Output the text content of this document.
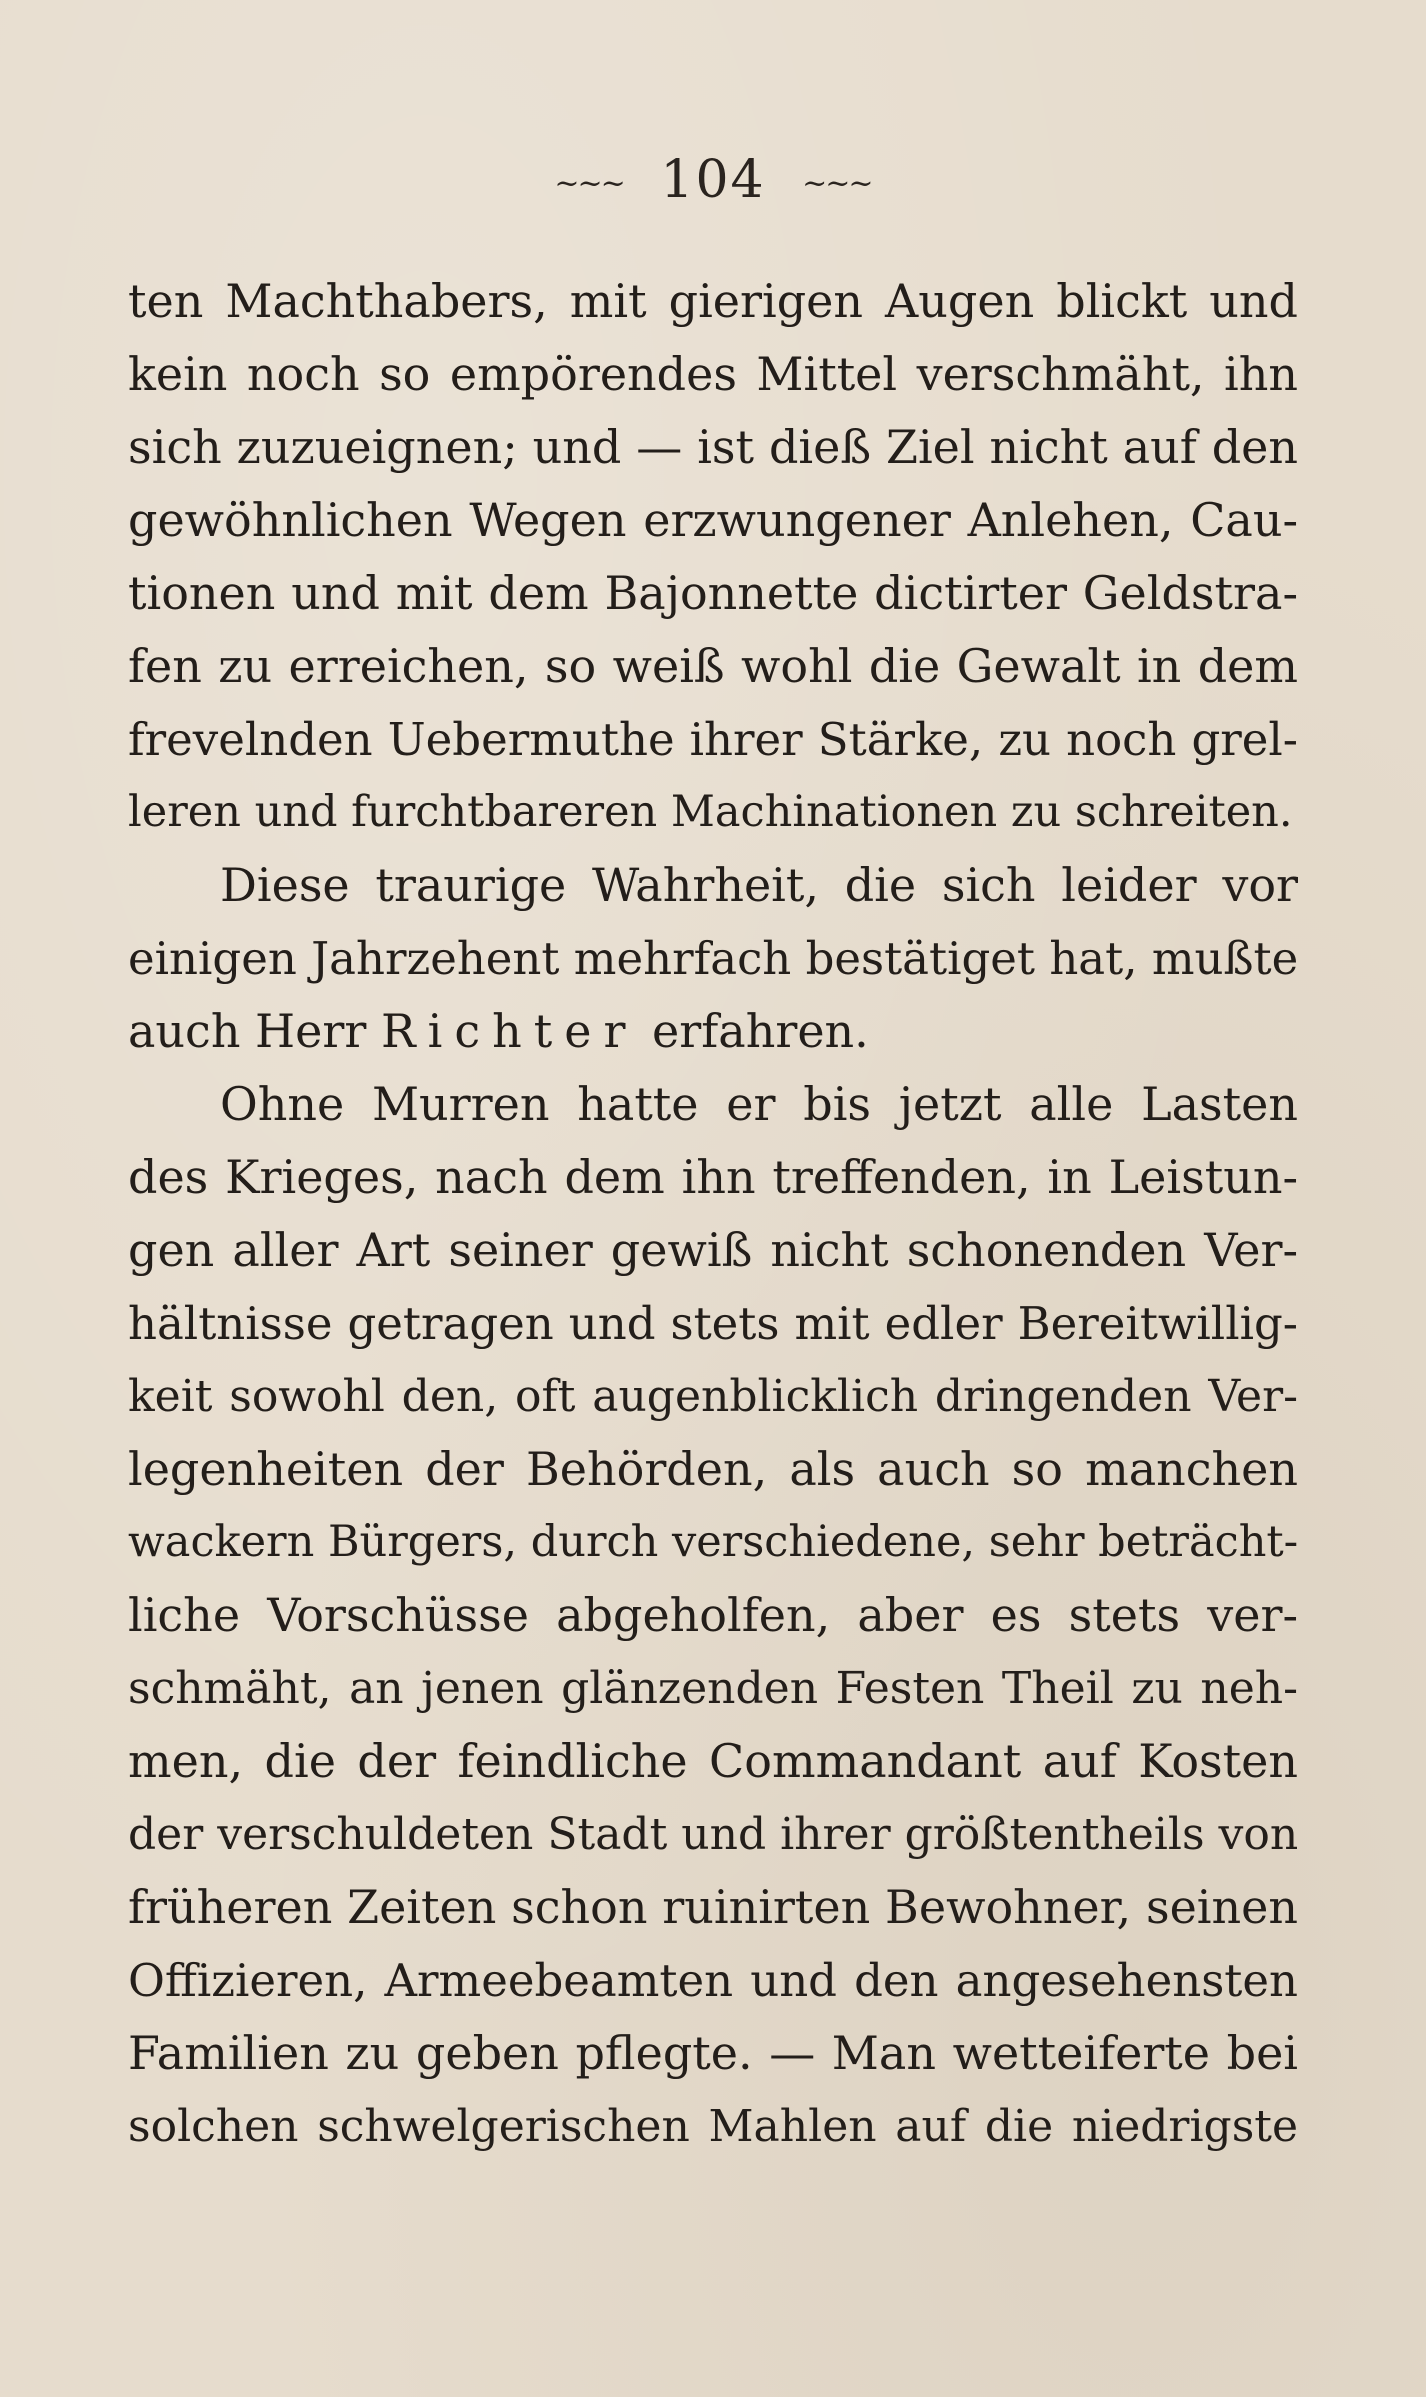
~~~ 104 ~~~
ten Machthabers, mit gierigen Augen blickt und
kein noch so empörendes Mittel verschmäht, ihn
sich zuzueignen; und — ist dieß Ziel nicht auf den
gewöhnlichen Wegen erzwungener Anlehen, Cau-
tionen und mit dem Bajonnette dictirter Geldstra-
fen zu erreichen, so weiß wohl die Gewalt in dem
frevelnden Uebermuthe ihrer Stärke, zu noch grel-
leren und furchtbareren Machinationen zu schreiten.
Diese traurige Wahrheit, die sich leider vor
einigen Jahrzehent mehrfach bestätiget hat, mußte
auch Herr Richter erfahren.
Ohne Murren hatte er bis jetzt alle Lasten
des Krieges, nach dem ihn treffenden, in Leistun-
gen aller Art seiner gewiß nicht schonenden Ver-
hältnisse getragen und stets mit edler Bereitwillig-
keit sowohl den, oft augenblicklich dringenden Ver-
legenheiten der Behörden, als auch so manchen
wackern Bürgers, durch verschiedene, sehr beträcht-
liche Vorschüsse abgeholfen, aber es stets ver-
schmäht, an jenen glänzenden Festen Theil zu neh-
men, die der feindliche Commandant auf Kosten
der verschuldeten Stadt und ihrer größtentheils von
früheren Zeiten schon ruinirten Bewohner, seinen
Offizieren, Armeebeamten und den angesehensten
Familien zu geben pflegte. — Man wetteiferte bei
solchen schwelgerischen Mahlen auf die niedrigste
